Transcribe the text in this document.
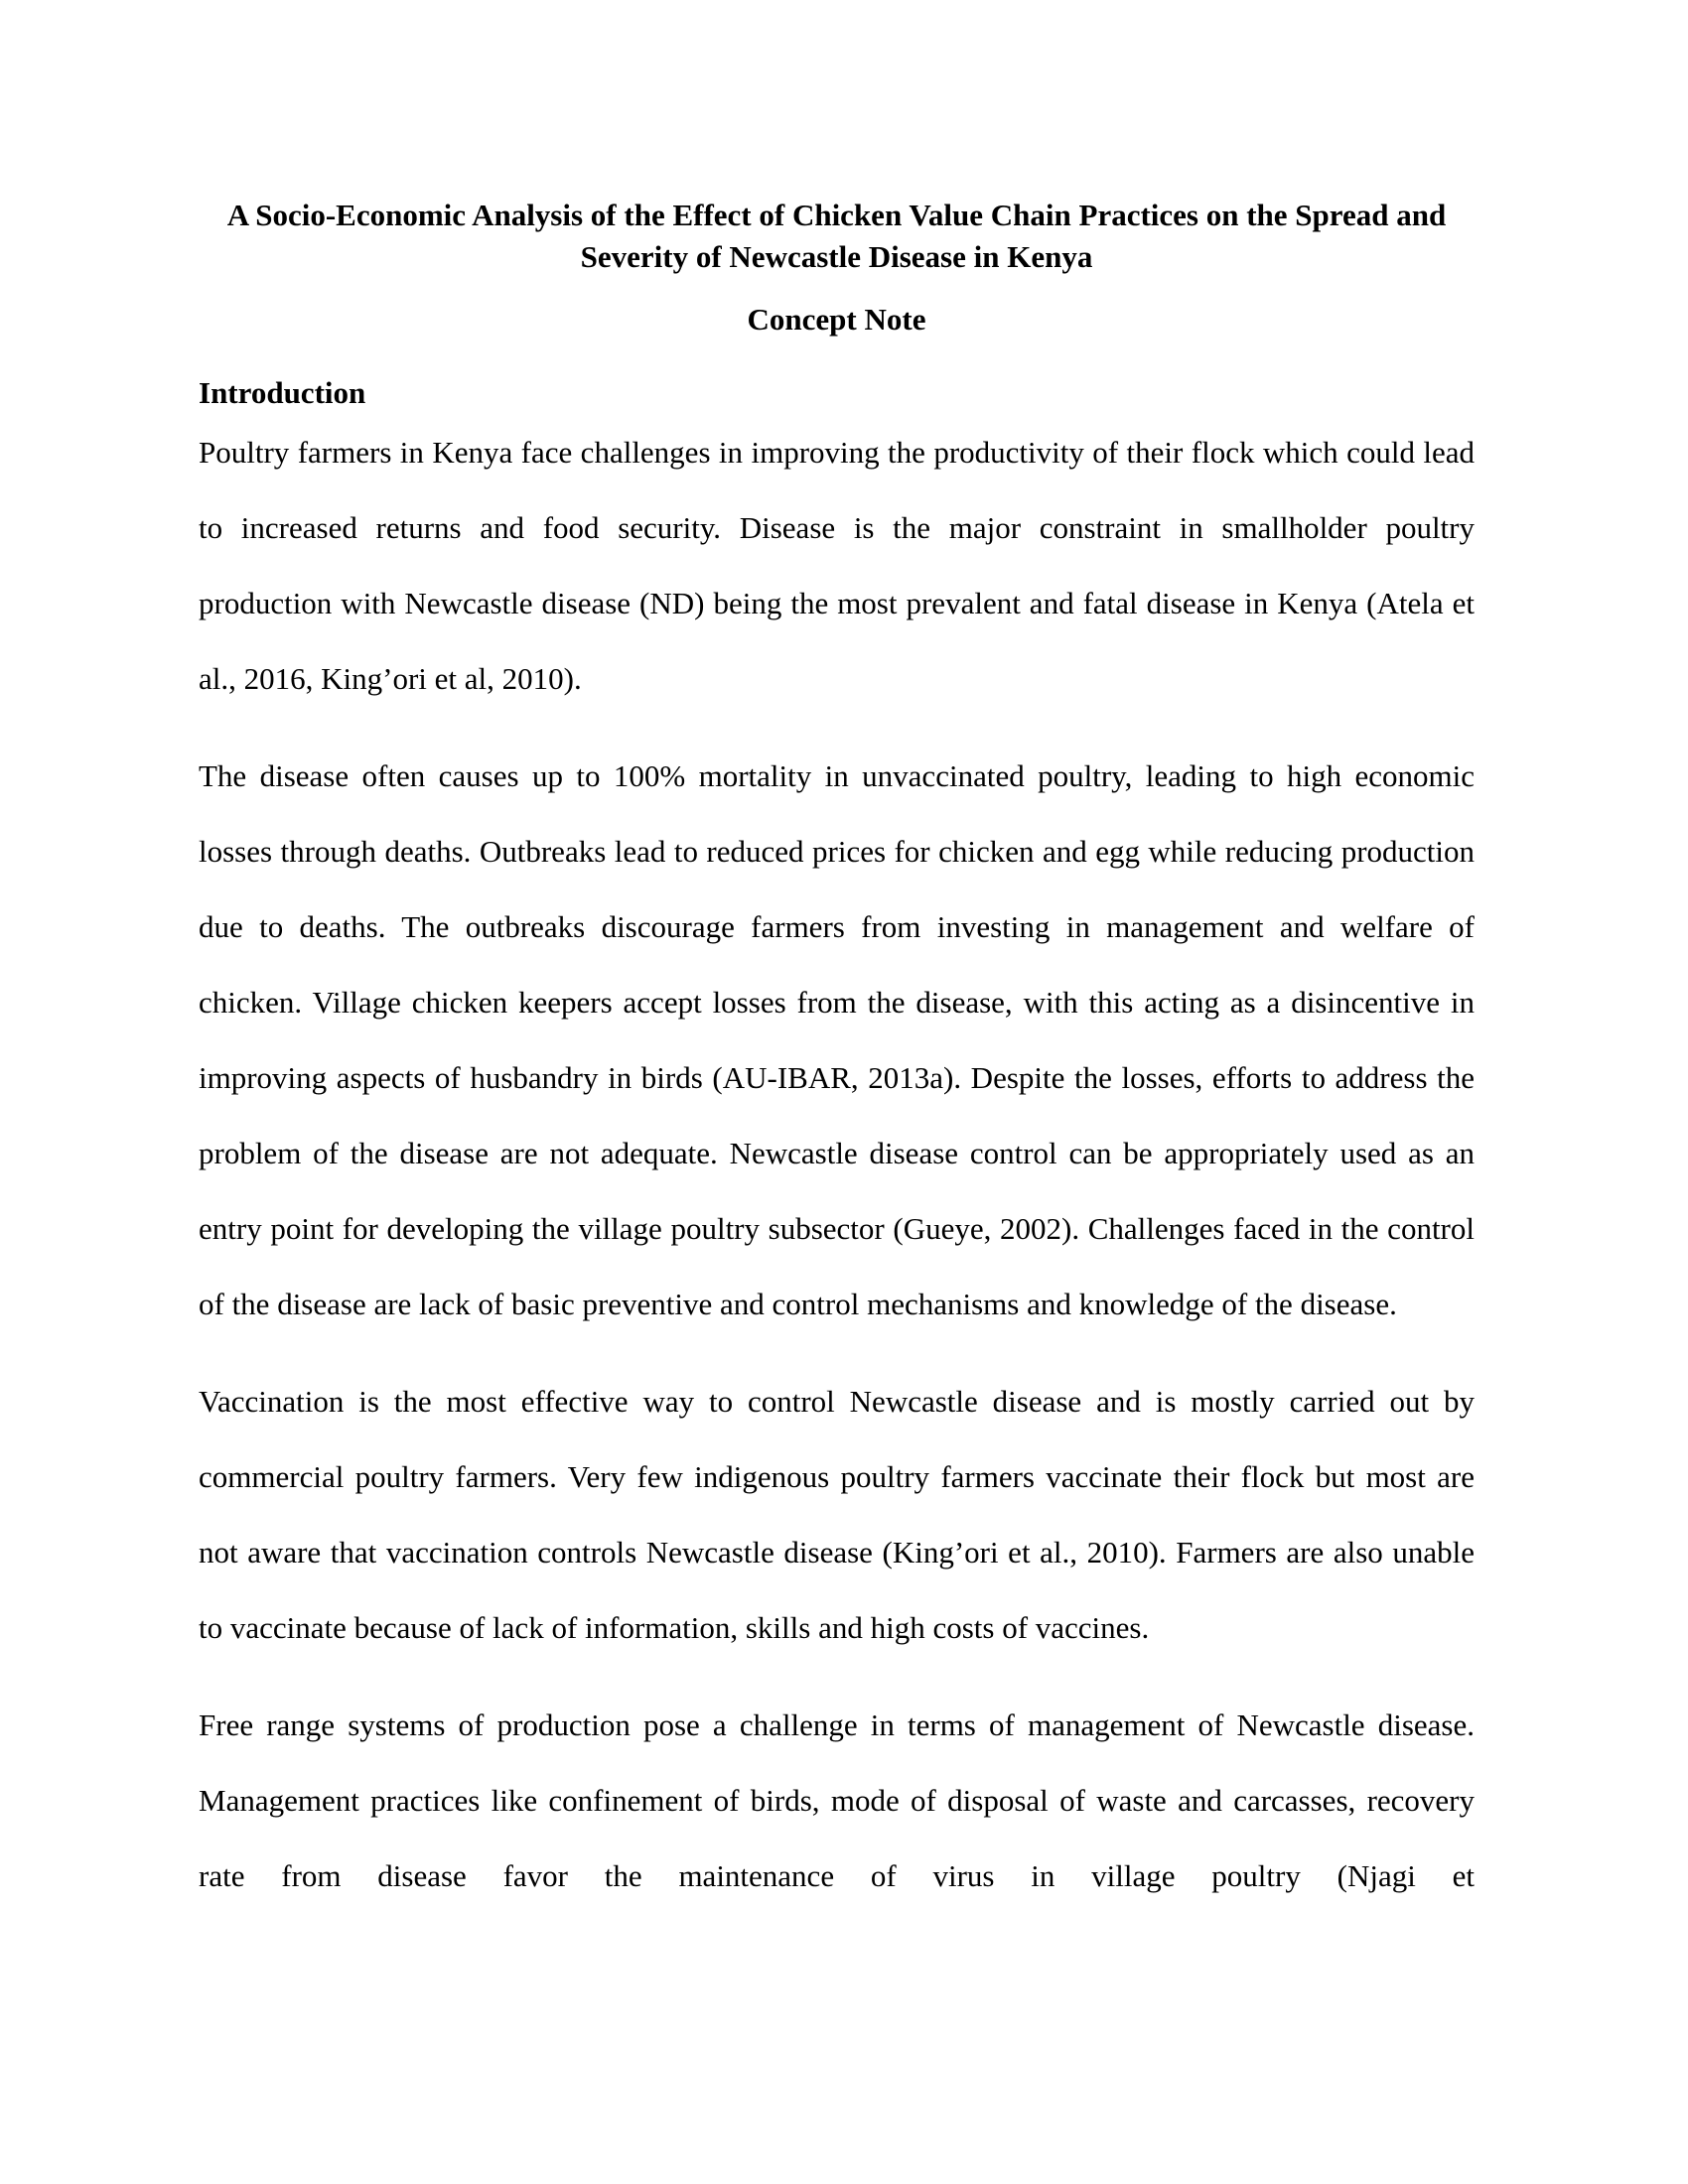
A Socio-Economic Analysis of the Effect of Chicken Value Chain Practices on the Spread and Severity of Newcastle Disease in Kenya
Concept Note
Introduction

Poultry farmers in Kenya face challenges in improving the productivity of their flock which could lead to increased returns and food security. Disease is the major constraint in smallholder poultry production with Newcastle disease (ND) being the most prevalent and fatal disease in Kenya (Atela et al., 2016, King’ori et al, 2010).

The disease often causes up to 100% mortality in unvaccinated poultry, leading to high economic losses through deaths. Outbreaks lead to reduced prices for chicken and egg while reducing production due to deaths. The outbreaks discourage farmers from investing in management and welfare of chicken. Village chicken keepers accept losses from the disease, with this acting as a disincentive in improving aspects of husbandry in birds (AU-IBAR, 2013a). Despite the losses, efforts to address the problem of the disease are not adequate. Newcastle disease control can be appropriately used as an entry point for developing the village poultry subsector (Gueye, 2002). Challenges faced in the control of the disease are lack of basic preventive and control mechanisms and knowledge of the disease.

Vaccination is the most effective way to control Newcastle disease and is mostly carried out by commercial poultry farmers. Very few indigenous poultry farmers vaccinate their flock but most are not aware that vaccination controls Newcastle disease (King’ori et al., 2010). Farmers are also unable to vaccinate because of lack of information, skills and high costs of vaccines.

Free range systems of production pose a challenge in terms of management of Newcastle disease. Management practices like confinement of birds, mode of disposal of waste and carcasses, recovery rate from disease favor the maintenance of virus in village poultry (Njagi et
